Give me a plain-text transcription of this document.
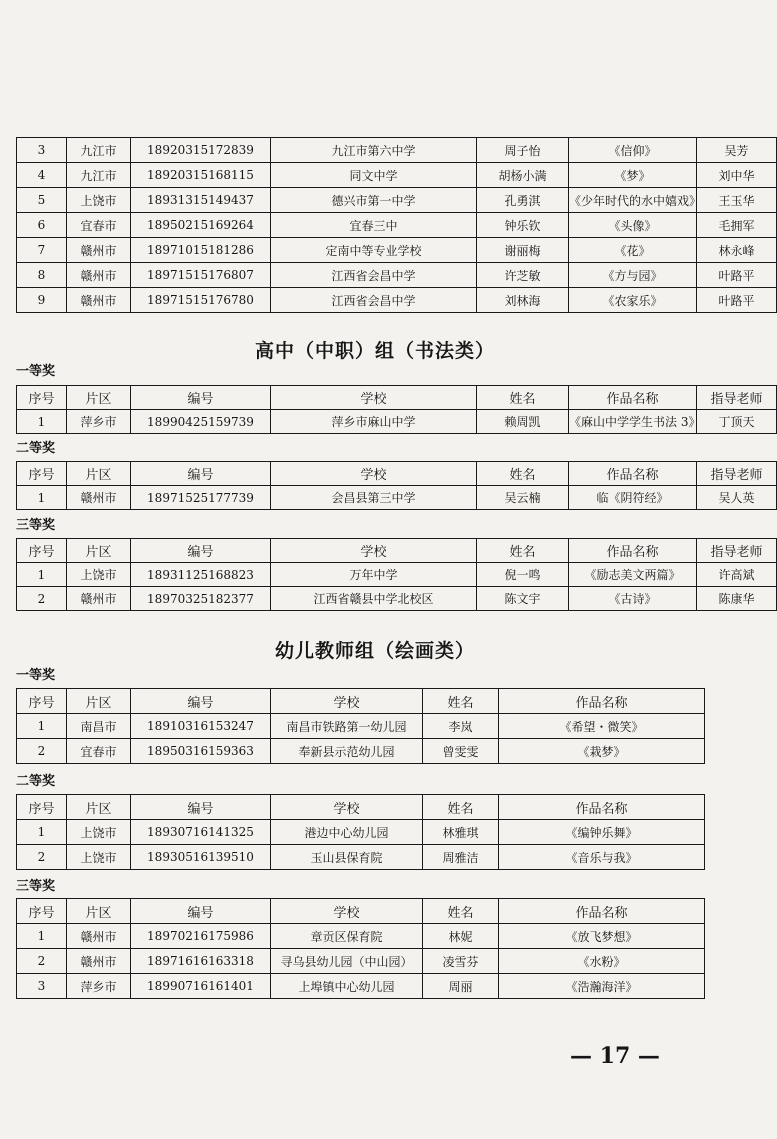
3	九江市	18920315172839	九江市第六中学	周子怡	《信仰》	吴芳
4	九江市	18920315168115	同文中学	胡杨小满	《梦》	刘中华
5	上饶市	18931315149437	德兴市第一中学	孔勇淇	《少年时代的水中嬉戏》	王玉华
6	宜春市	18950215169264	宜春三中	钟乐钦	《头像》	毛拥军
7	赣州市	18971015181286	定南中等专业学校	谢丽梅	《花》	林永峰
8	赣州市	18971515176807	江西省会昌中学	许芝敏	《方与园》	叶路平
9	赣州市	18971515176780	江西省会昌中学	刘林海	《农家乐》	叶路平
高中（中职）组（书法类）
一等奖
序号	片区	编号	学校	姓名	作品名称	指导老师
1	萍乡市	18990425159739	萍乡市麻山中学	赖周凯	《麻山中学学生书法 3》	丁顶天
二等奖
序号	片区	编号	学校	姓名	作品名称	指导老师
1	赣州市	18971525177739	会昌县第三中学	吴云楠	临《阴符经》	吴人英
三等奖
序号	片区	编号	学校	姓名	作品名称	指导老师
1	上饶市	18931125168823	万年中学	倪一鸣	《励志美文两篇》	许高斌
2	赣州市	18970325182377	江西省赣县中学北校区	陈文宇	《古诗》	陈康华
幼儿教师组（绘画类）
一等奖
序号	片区	编号	学校	姓名	作品名称
1	南昌市	18910316153247	南昌市铁路第一幼儿园	李岚	《希望・微笑》
2	宜春市	18950316159363	奉新县示范幼儿园	曾雯雯	《栽梦》
二等奖
序号	片区	编号	学校	姓名	作品名称
1	上饶市	18930716141325	港边中心幼儿园	林雅琪	《编钟乐舞》
2	上饶市	18930516139510	玉山县保育院	周雅洁	《音乐与我》
三等奖
序号	片区	编号	学校	姓名	作品名称
1	赣州市	18970216175986	章贡区保育院	林妮	《放飞梦想》
2	赣州市	18971616163318	寻乌县幼儿园（中山园）	凌雪芬	《水粉》
3	萍乡市	18990716161401	上埠镇中心幼儿园	周丽	《浩瀚海洋》
— 17 —
